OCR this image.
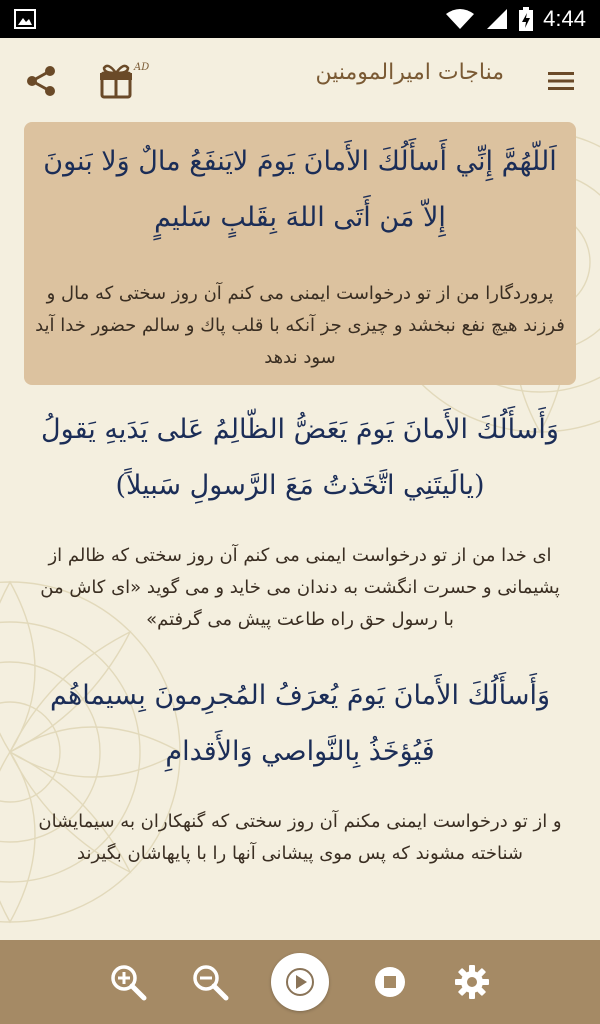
4:44
AD	مناجات امیرالمومنین
اَللّهُمَّ إِنِّي أَسأَلُكَ الأَمانَ يَومَ لايَنفَعُ مالٌ وَلا بَنونَ إِلاّ مَن أَتَى اللهَ بِقَلبٍ سَليمٍ
پروردگارا من از تو درخواست ایمنی می کنم آن روز سختی که مال و فرزند هیچ نفع نبخشد و چیزی جز آنکه با قلب پاك و سالم حضور خدا آید سود ندهد
وَأَسأَلُكَ الأَمانَ يَومَ يَعَضُّ الظّالِمُ عَلى يَدَيهِ يَقولُ (يالَيتَنِي اتَّخَذتُ مَعَ الرَّسولِ سَبيلاً)
ای خدا من از تو درخواست ایمنی می کنم آن روز سختی که ظالم از پشیمانی و حسرت انگشت به دندان می خاید و می گوید «ای کاش من با رسول حق راه طاعت پیش می گرفتم»
وَأَسأَلُكَ الأَمانَ يَومَ يُعرَفُ المُجرِمونَ بِسيماهُم فَيُؤخَذُ بِالنَّواصي وَالأَقدامِ
و از تو درخواست ایمنی مکنم آن روز سختی که گنهکاران به سیمایشان شناخته مشوند که پس موی پیشانی آنها را با پایهاشان بگیرند
